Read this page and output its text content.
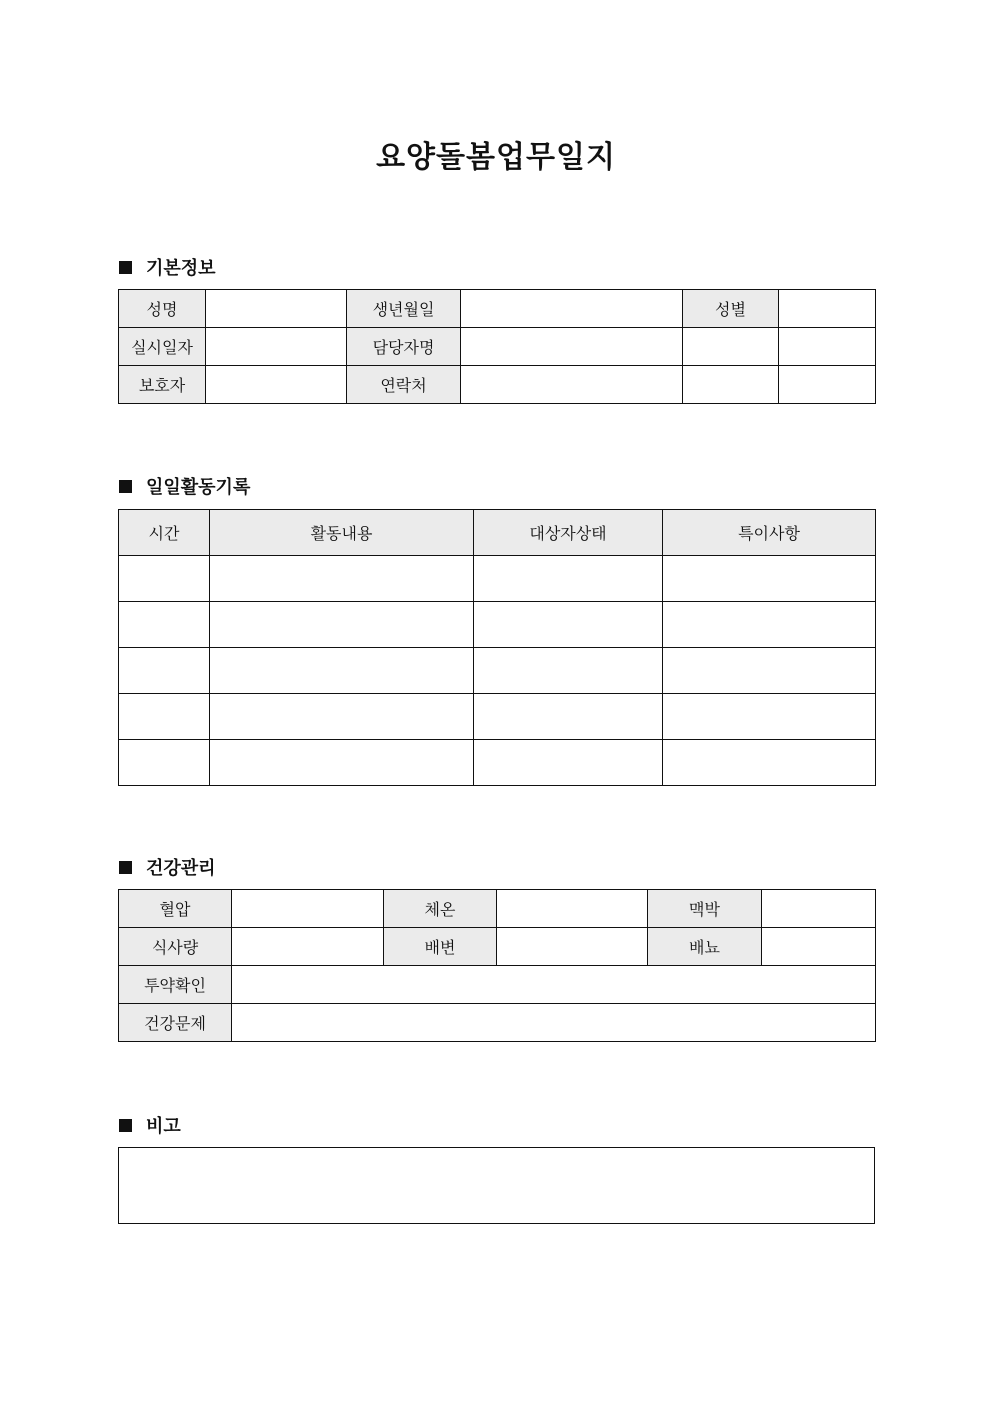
요양돌봄업무일지
기본정보
성명		생년월일		성별	
실시일자		담당자명			
보호자		연락처			
일일활동기록
시간	활동내용	대상자상태	특이사항

건강관리
혈압		체온		맥박	
식사량		배변		배뇨	
투약확인					
건강문제					
비고
